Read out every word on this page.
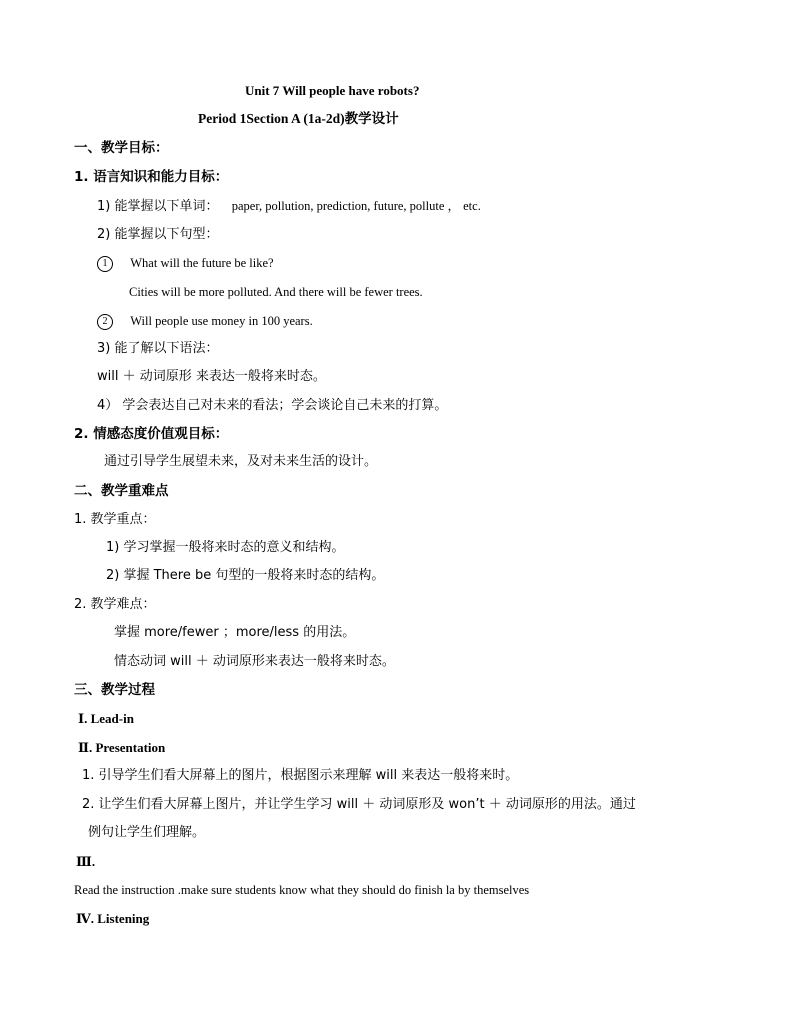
Unit 7 Will people have robots?
Period 1Section A (1a-2d)教学设计
一、教学目标：
1. 语言知识和能力目标：
1) 能掌握以下单词： paper, pollution, prediction, future, pollute ， etc.
2) 能掌握以下句型：
1 What will the future be like?
Cities will be more polluted. And there will be fewer trees.
2 Will people use money in 100 years.
3) 能了解以下语法：
will ＋ 动词原形 来表达一般将来时态。
4） 学会表达自己对未来的看法；学会谈论自己未来的打算。
2. 情感态度价值观目标：
通过引导学生展望未来，及对未来生活的设计。
二、教学重难点
1. 教学重点：
1) 学习掌握一般将来时态的意义和结构。
2) 掌握 There be 句型的一般将来时态的结构。
2. 教学难点：
掌握 more/fewer ；more/less 的用法。
情态动词 will ＋ 动词原形来表达一般将来时态。
三、教学过程
Ⅰ. Lead-in
Ⅱ. Presentation
1. 引导学生们看大屏幕上的图片，根据图示来理解 will 来表达一般将来时。
2. 让学生们看大屏幕上图片，并让学生学习 will ＋ 动词原形及 won’t ＋ 动词原形的用法。通过
例句让学生们理解。
Ⅲ.
Read the instruction .make sure students know what they should do finish la by themselves
Ⅳ. Listening
